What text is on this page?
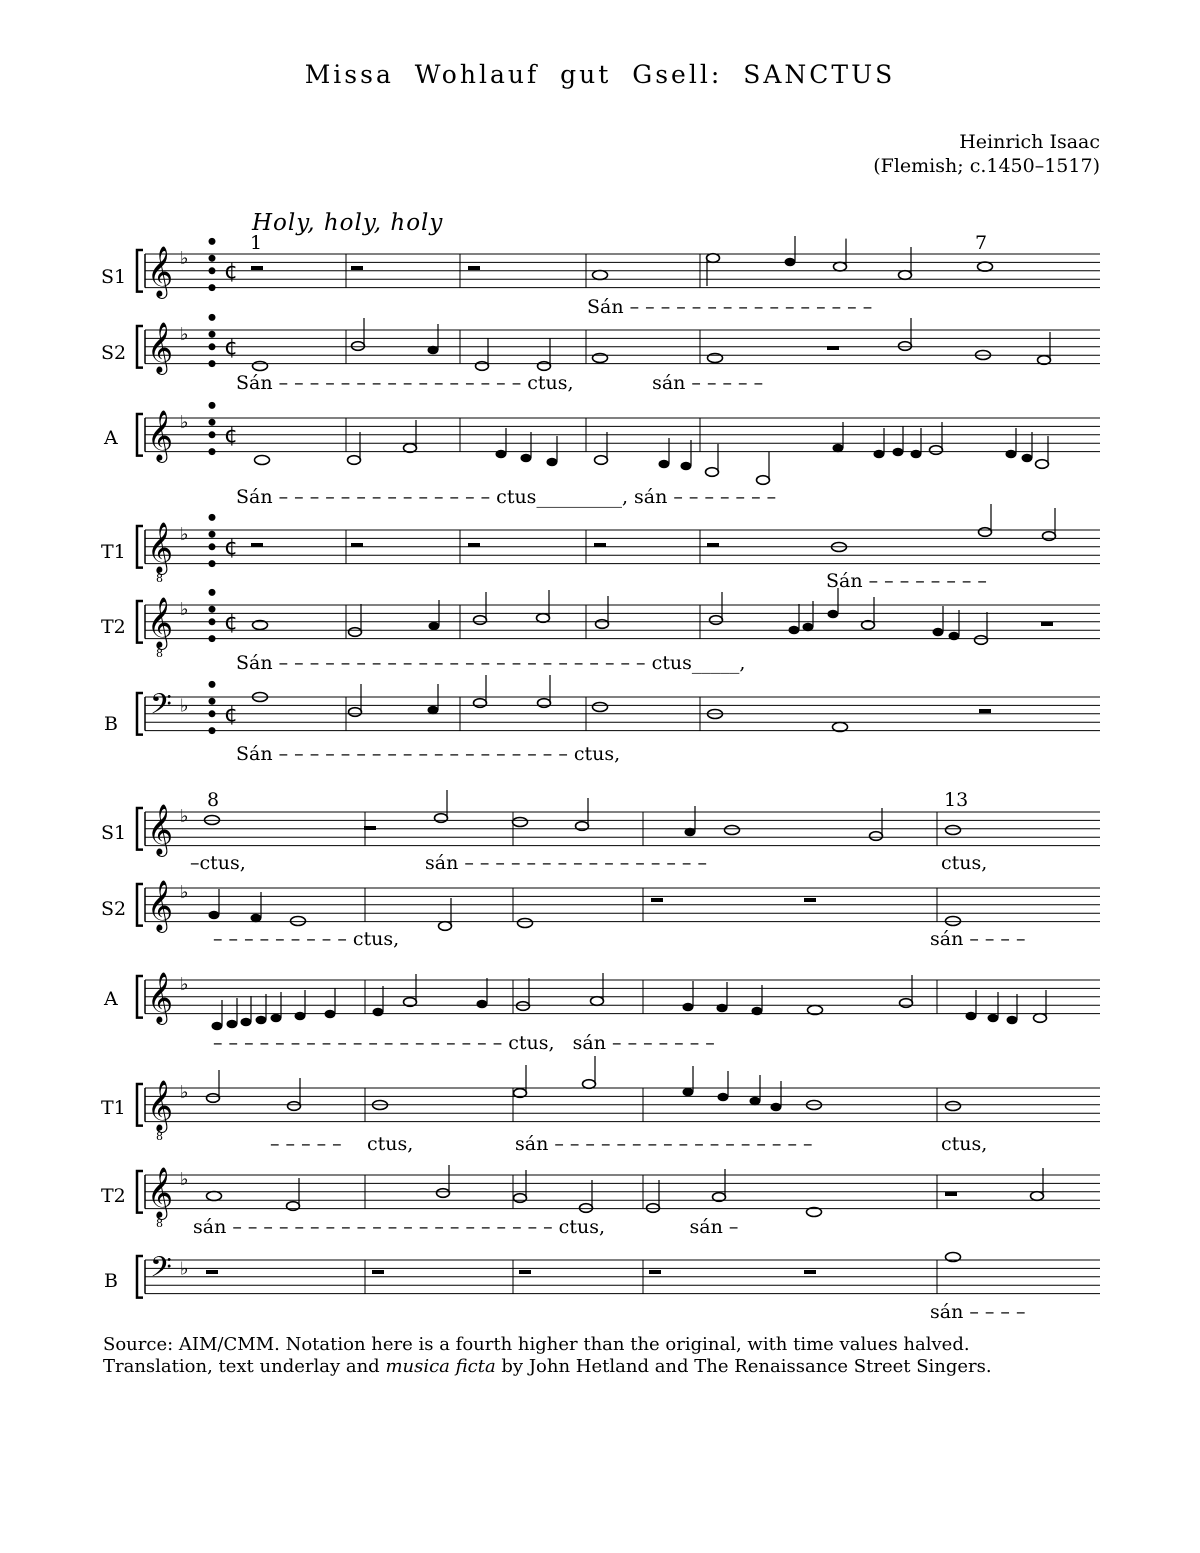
Missa Wohlauf gut Gsell: SANCTUS
Heinrich Isaac
(Flemish; c.1450–1517)
Holy, holy, holy
𝄞 ♭
¢
𝄞 ♭
¢
𝄞 ♭
¢
𝄞
8
♭
¢
𝄞
8
♭
¢
𝄢 ♭ ¢
𝄞 ♭
𝄞 ♭
𝄞 ♭
𝄞
8
♭
𝄞
8
♭
𝄢 ♭
S1
S2
A
T1
T2
B
S1
S2
A
T1
T2
B
1	7
8	13
Sán – – – – – – – – – – – – – – – –
Sán – – – – – – – – – – – – – – – – ctus,             sán – – – – –
Sán – – – – – – – – – – – – – – ctus_________, sán – – – – – – –
Sán – – – – – – – –
Sán – – – – – – – – – – – – – – – – – – – – – – – – ctus_____,
Sán – – – – – – – – – – – – – – – – – – – ctus,
–ctus,	sán – – – – – – – – – – – – – – – –	ctus,
– – – – – – – – – ctus,	sán – – – –
– – – – – – – – – – – – – – – – – – – ctus,   sán – – – – – – –
– – – – – ctus,	sán – – – – – – – – – – – – – – – – –	ctus,
sán – – – – – – – – – – – – – – – – – – – – – ctus,              sán –
sán – – – –
Source: AIM/CMM. Notation here is a fourth higher than the original, with time values halved.
Translation, text underlay and musica ficta by John Hetland and The Renaissance Street Singers.
